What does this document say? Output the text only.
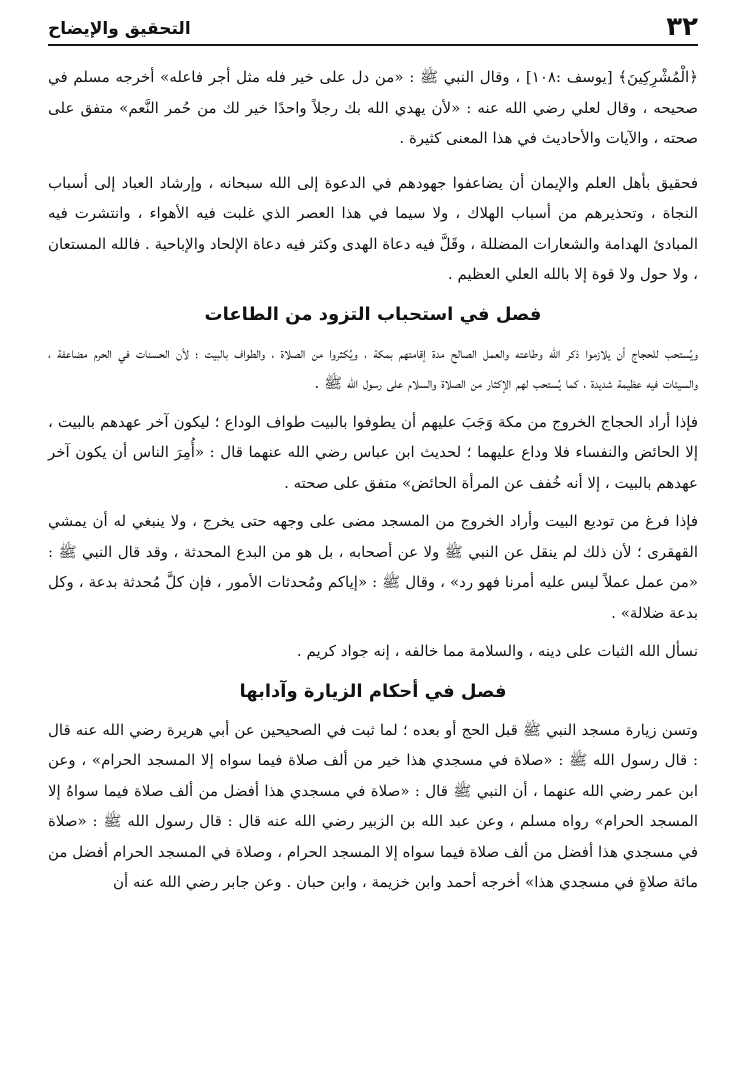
٣٢
التحقيق والإيضاح

﴿الْمُشْرِكِينَ﴾ [يوسف :١٠٨] ، وقال النبي ﷺ : «من دل على خير فله مثل أجر فاعله» أخرجه مسلم في صحيحه ، وقال لعلي رضي الله عنه : «لأن يهدي الله بك رجلاً واحدًا خير لك من حُمر النَّعم» متفق على صحته ، والآيات والأحاديث في هذا المعنى كثيرة .

فحقيق بأهل العلم والإيمان أن يضاعفوا جهودهم في الدعوة إلى الله سبحانه ، وإرشاد العباد إلى أسباب النجاة ، وتحذيرهم من أسباب الهلاك ، ولا سيما في هذا العصر الذي غلبت فيه الأهواء ، وانتشرت فيه المبادئ الهدامة والشعارات المضللة ، وقَلَّ فيه دعاة الهدى وكثر فيه دعاة الإلحاد والإباحية . فالله المستعان ، ولا حول ولا قوة إلا بالله العلي العظيم .

فصل في استحباب التزود من الطاعات

ويُستحب للحجاج أن يلازموا ذكر الله وطاعته والعمل الصالح مدة إقامتهم بمكة ، ويُكثروا من الصلاة ، والطواف بالبيت ؛ لأن الحسنات في الحرم مضاعفة ، والسيئات فيه عظيمة شديدة ، كما يُستحب لهم الإكثار من الصلاة والسلام على رسول الله ﷺ .

فإذا أراد الحجاج الخروج من مكة وَجَبَ عليهم أن يطوفوا بالبيت طواف الوداع ؛ ليكون آخر عهدهم بالبيت ، إلا الحائض والنفساء فلا وداع عليهما ؛ لحديث ابن عباس رضي الله عنهما قال : «أُمِرَ الناس أن يكون آخر عهدهم بالبيت ، إلا أنه خُفف عن المرأة الحائض» متفق على صحته .

فإذا فرغ من توديع البيت وأراد الخروج من المسجد مضى على وجهه حتى يخرج ، ولا ينبغي له أن يمشي القهقرى ؛ لأن ذلك لم ينقل عن النبي ﷺ ولا عن أصحابه ، بل هو من البدع المحدثة ، وقد قال النبي ﷺ : «من عمل عملاً ليس عليه أمرنا فهو رد» ، وقال ﷺ : «إياكم ومُحدثات الأمور ، فإن كلَّ مُحدثة بدعة ، وكل بدعة ضلالة» .

نسأل الله الثبات على دينه ، والسلامة مما خالفه ، إنه جواد كريم .

فصل في أحكام الزيارة وآدابها

وتسن زيارة مسجد النبي ﷺ قبل الحج أو بعده ؛ لما ثبت في الصحيحين عن أبي هريرة رضي الله عنه قال : قال رسول الله ﷺ : «صلاة في مسجدي هذا خير من ألف صلاة فيما سواه إلا المسجد الحرام» ، وعن ابن عمر رضي الله عنهما ، أن النبي ﷺ قال : «صلاة في مسجدي هذا أفضل من ألف صلاة فيما سواهُ إلا المسجد الحرام» رواه مسلم ، وعن عبد الله بن الزبير رضي الله عنه قال : قال رسول الله ﷺ : «صلاة في مسجدي هذا أفضل من ألف صلاة فيما سواه إلا المسجد الحرام ، وصلاة في المسجد الحرام أفضل من مائة صلاةٍ في مسجدي هذا» أخرجه أحمد وابن خزيمة ، وابن حبان . وعن جابر رضي الله عنه أن
